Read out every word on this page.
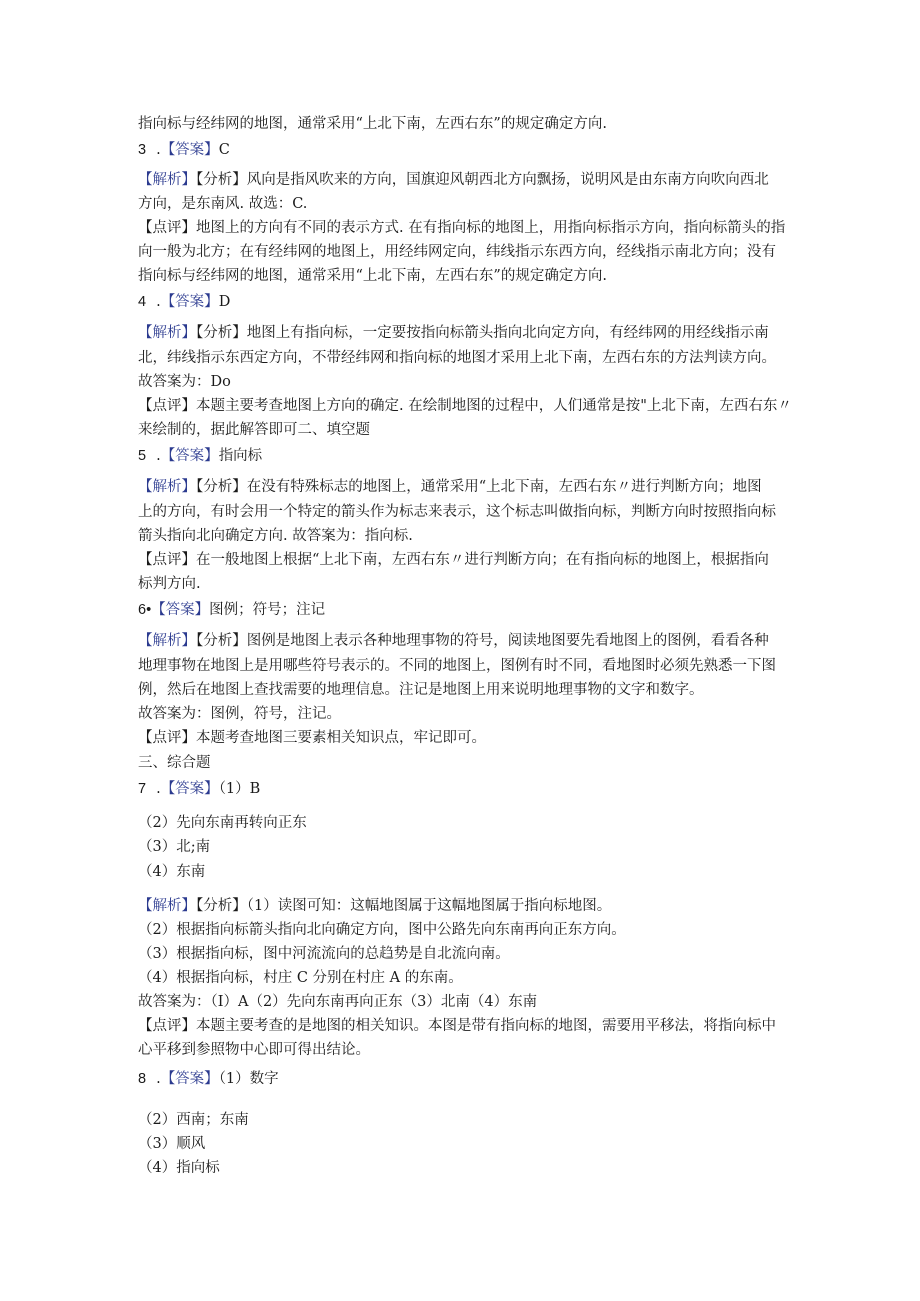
指向标与经纬网的地图，通常采用“上北下南，左西右东”的规定确定方向.
3 .【答案】C
【解析】【分析】风向是指风吹来的方向，国旗迎风朝西北方向飘扬，说明风是由东南方向吹向西北
方向，是东南风. 故选：C.
【点评】地图上的方向有不同的表示方式. 在有指向标的地图上，用指向标指示方向，指向标箭头的指
向一般为北方；在有经纬网的地图上，用经纬网定向，纬线指示东西方向，经线指示南北方向；没有
指向标与经纬网的地图，通常采用“上北下南，左西右东”的规定确定方向.
4 .【答案】D
【解析】【分析】地图上有指向标，一定要按指向标箭头指向北向定方向，有经纬网的用经线指示南
北，纬线指示东西定方向，不带经纬网和指向标的地图才采用上北下南，左西右东的方法判读方向。
故答案为：Do
【点评】本题主要考查地图上方向的确定. 在绘制地图的过程中，人们通常是按"上北下南，左西右东〃
来绘制的，据此解答即可二、填空题
5 .【答案】指向标
【解析】【分析】在没有特殊标志的地图上，通常采用“上北下南，左西右东〃进行判断方向；地图
上的方向，有时会用一个特定的箭头作为标志来表示，这个标志叫做指向标，判断方向时按照指向标
箭头指向北向确定方向. 故答案为：指向标.
【点评】在一般地图上根据“上北下南，左西右东〃进行判断方向；在有指向标的地图上，根据指向
标判方向.
6•【答案】图例；符号；注记
【解析】【分析】图例是地图上表示各种地理事物的符号，阅读地图要先看地图上的图例，看看各种
地理事物在地图上是用哪些符号表示的。不同的地图上，图例有时不同，看地图时必须先熟悉一下图
例，然后在地图上查找需要的地理信息。注记是地图上用来说明地理事物的文字和数字。
故答案为：图例，符号，注记。
【点评】本题考查地图三要素相关知识点，牢记即可。
三、综合题
7 .【答案】（1）B
（2）先向东南再转向正东
（3）北;南
（4）东南
【解析】【分析】（1）读图可知：这幅地图属于这幅地图属于指向标地图。
（2）根据指向标箭头指向北向确定方向，图中公路先向东南再向正东方向。
（3）根据指向标，图中河流流向的总趋势是自北流向南。
（4）根据指向标，村庄 C 分别在村庄 A 的东南。
故答案为：（I）A（2）先向东南再向正东（3）北南（4）东南
【点评】本题主要考查的是地图的相关知识。本图是带有指向标的地图，需要用平移法，将指向标中
心平移到参照物中心即可得出结论。
8 .【答案】（1）数字
（2）西南；东南
（3）顺风
（4）指向标
